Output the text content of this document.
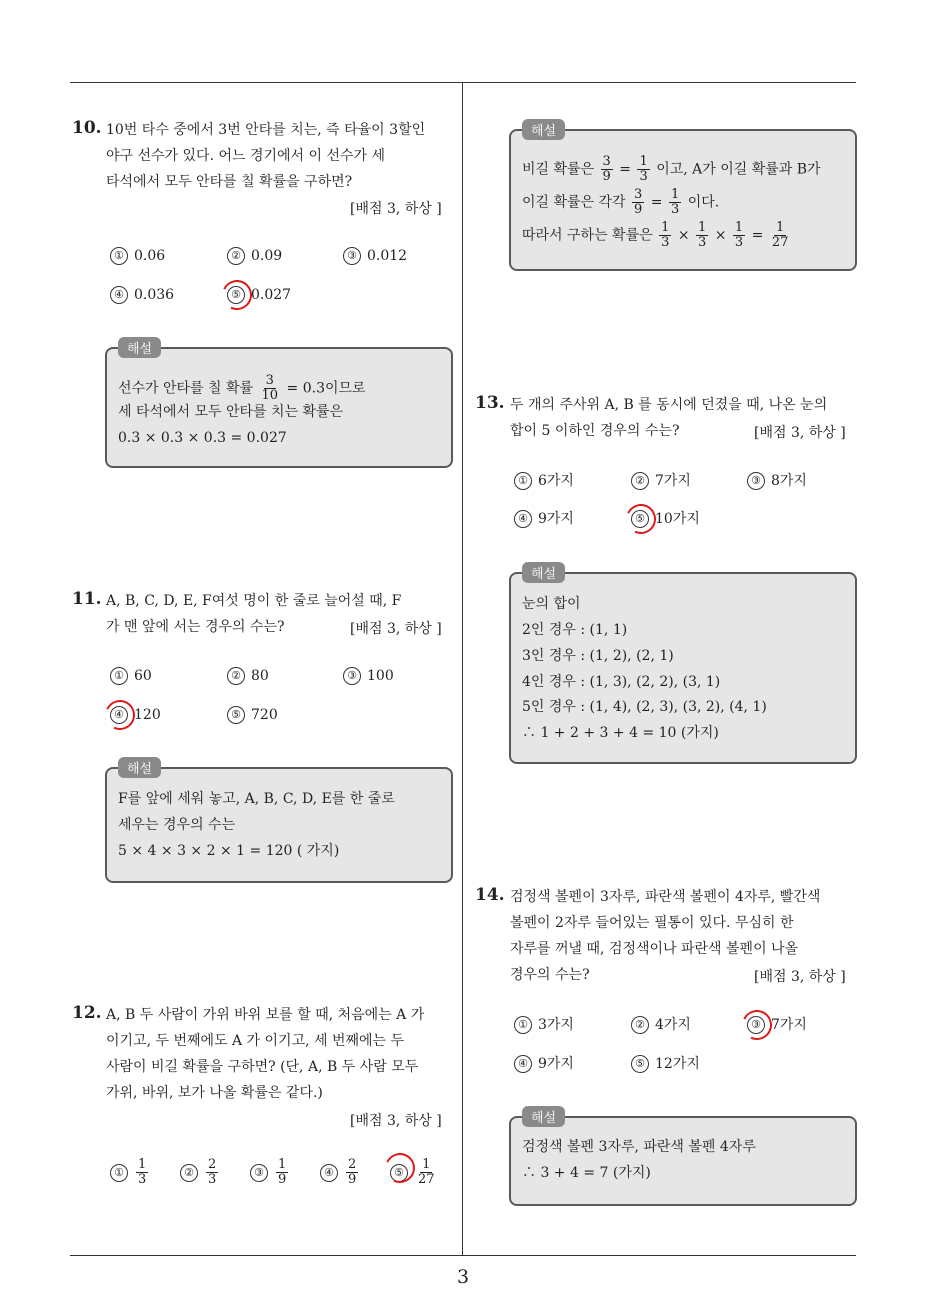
3
10. 10번 타수 중에서 3번 안타를 치는, 즉 타율이 3할인
야구 선수가 있다. 어느 경기에서 이 선수가 세
타석에서 모두 안타를 칠 확률을 구하면?
[배점 3, 하상 ]
① 0.06	② 0.09	③ 0.012
④ 0.036	⑤ 0.027
해설
선수가 안타를 칠 확률 $\frac{3}{10} = 0.3$이므로
세 타석에서 모두 안타를 치는 확률은
0.3 × 0.3 × 0.3 = 0.027
11. A, B, C, D, E, F여섯 명이 한 줄로 늘어설 때, F
가 맨 앞에 서는 경우의 수는?	[배점 3, 하상 ]
① 60	② 80	③ 100
④ 120	⑤ 720
해설
F를 앞에 세워 놓고, A, B, C, D, E를 한 줄로
세우는 경우의 수는
5 × 4 × 3 × 2 × 1 = 120 ( 가지)
12. A, B 두 사람이 가위 바위 보를 할 때, 처음에는 A 가
이기고, 두 번째에도 A 가 이기고, 세 번째에는 두
사람이 비길 확률을 구하면? (단, A, B 두 사람 모두
가위, 바위, 보가 나올 확률은 같다.)
[배점 3, 하상 ]
① $\frac{1}{3}$	② $\frac{2}{3}$	③ $\frac{1}{9}$	④ $\frac{2}{9}$	⑤ $\frac{1}{27}$
해설
비길 확률은 $\frac{3}{9} = \frac{1}{3}$ 이고, A가 이길 확률과 B가
이길 확률은 각각 $\frac{3}{9} = \frac{1}{3}$ 이다.
따라서 구하는 확률은 $\frac{1}{3} \times \frac{1}{3} \times \frac{1}{3} = \frac{1}{27}$
13. 두 개의 주사위 A, B 를 동시에 던졌을 때, 나온 눈의
합이 5 이하인 경우의 수는?	[배점 3, 하상 ]
① 6가지	② 7가지	③ 8가지
④ 9가지	⑤ 10가지
해설
눈의 합이
2인 경우 : (1, 1)
3인 경우 : (1, 2), (2, 1)
4인 경우 : (1, 3), (2, 2), (3, 1)
5인 경우 : (1, 4), (2, 3), (3, 2), (4, 1)
∴ 1 + 2 + 3 + 4 = 10 (가지)
14. 검정색 볼펜이 3자루, 파란색 볼펜이 4자루, 빨간색
볼펜이 2자루 들어있는 필통이 있다. 무심히 한
자루를 꺼낼 때, 검정색이나 파란색 볼펜이 나올
경우의 수는?	[배점 3, 하상 ]
① 3가지	② 4가지	③ 7가지
④ 9가지	⑤ 12가지
해설
검정색 볼펜 3자루, 파란색 볼펜 4자루
∴ 3 + 4 = 7 (가지)
